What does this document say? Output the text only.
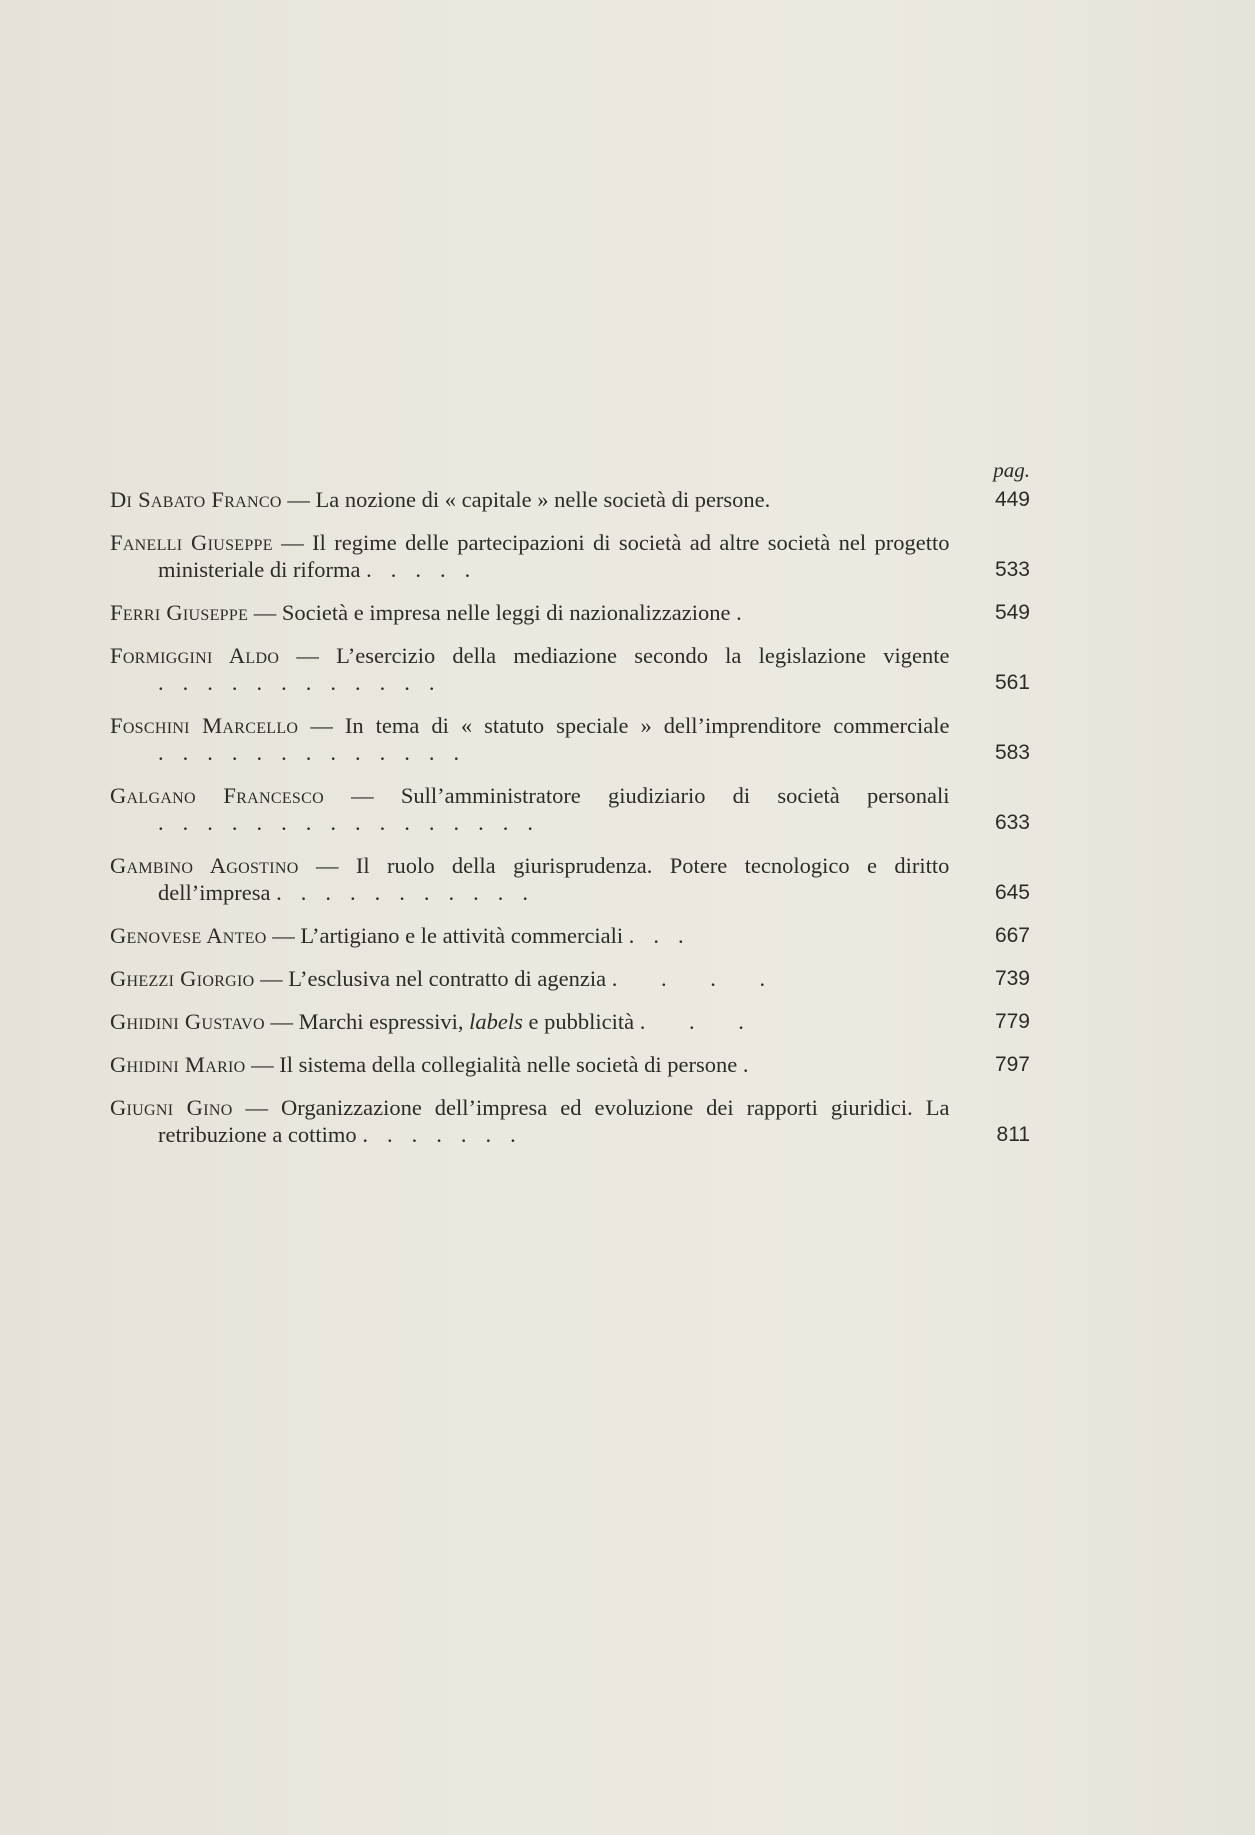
pag.
Di Sabato Franco — La nozione di « capitale » nelle società di persone.	449
Fanelli Giuseppe — Il regime delle partecipazioni di società ad altre società nel progetto ministeriale di riforma .....	533
Ferri Giuseppe — Società e impresa nelle leggi di nazionalizzazione .	549
Formiggini Aldo — L’esercizio della mediazione secondo la legislazione vigente ............	561
Foschini Marcello — In tema di « statuto speciale » dell’imprenditore commerciale .............	583
Galgano Francesco — Sull’amministratore giudiziario di società personali ................	633
Gambino Agostino — Il ruolo della giurisprudenza. Potere tecnologico e diritto dell’impresa ...........	645
Genovese Anteo — L’artigiano e le attività commerciali ...	667
Ghezzi Giorgio — L’esclusiva nel contratto di agenzia . . . .	739
Ghidini Gustavo — Marchi espressivi, labels e pubblicità . . .	779
Ghidini Mario — Il sistema della collegialità nelle società di persone .	797
Giugni Gino — Organizzazione dell’impresa ed evoluzione dei rapporti giuridici. La retribuzione a cottimo .......	811
